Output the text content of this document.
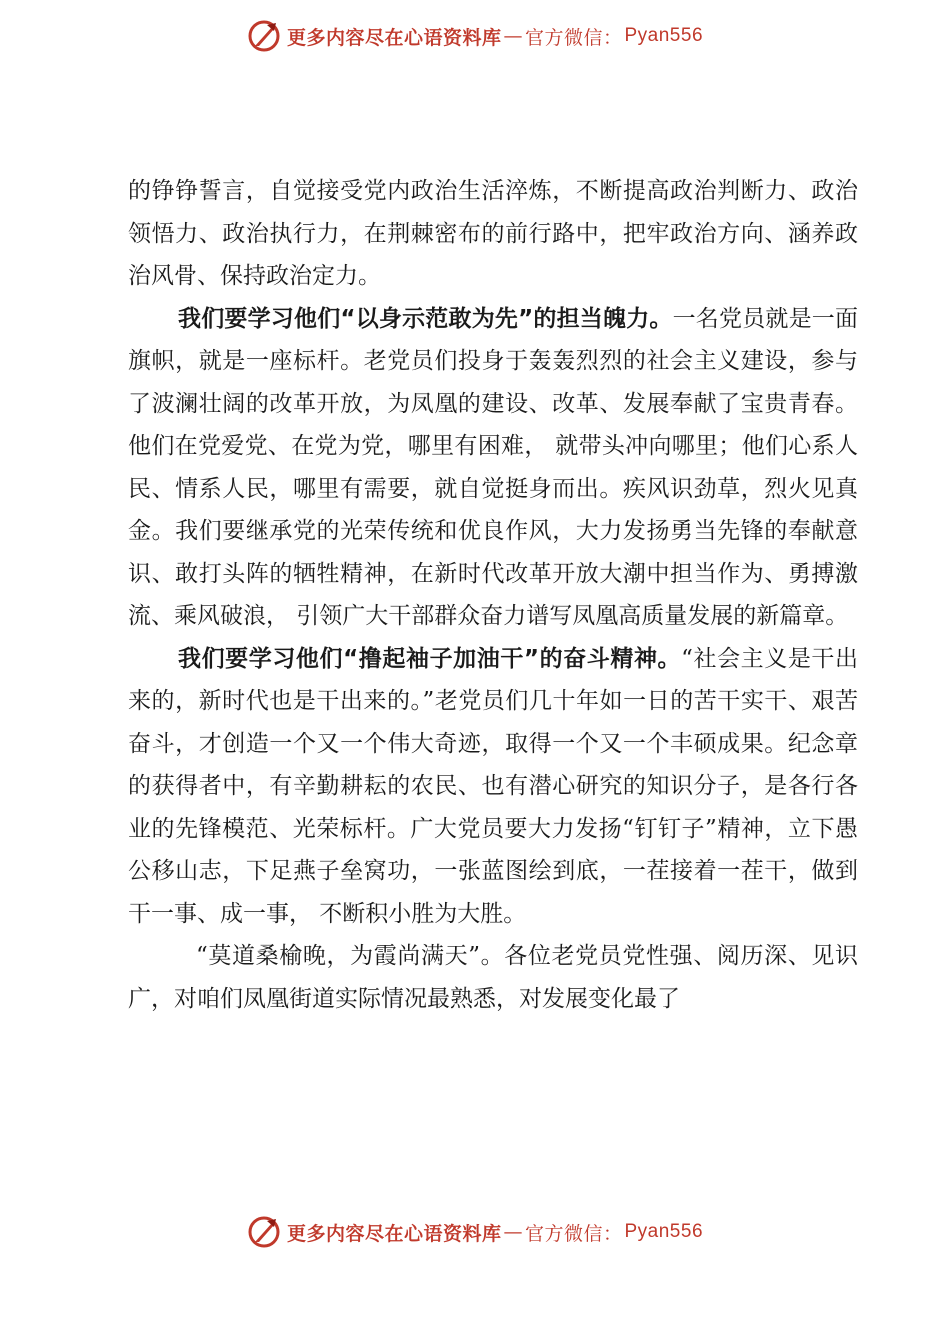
更多内容尽在心语资料库 — 官方微信： Pyan556

的铮铮誓言，自觉接受党内政治生活淬炼，不断提高政治判断力、政治领悟力、政治执行力，在荆棘密布的前行路中，把牢政治方向、涵养政治风骨、保持政治定力。

我们要学习他们“以身示范敢为先”的担当魄力。一名党员就是一面旗帜，就是一座标杆。老党员们投身于轰轰烈烈的社会主义建设，参与了波澜壮阔的改革开放，为凤凰的建设、改革、发展奉献了宝贵青春。他们在党爱党、在党为党，哪里有困难， 就带头冲向哪里；他们心系人民、情系人民，哪里有需要，就自觉挺身而出。疾风识劲草，烈火见真金。我们要继承党的光荣传统和优良作风，大力发扬勇当先锋的奉献意识、敢打头阵的牺牲精神，在新时代改革开放大潮中担当作为、勇搏激流、乘风破浪， 引领广大干部群众奋力谱写凤凰高质量发展的新篇章。

我们要学习他们“撸起袖子加油干”的奋斗精神。“社会主义是干出来的，新时代也是干出来的。”老党员们几十年如一日的苦干实干、艰苦奋斗，才创造一个又一个伟大奇迹，取得一个又一个丰硕成果。纪念章的获得者中，有辛勤耕耘的农民、也有潜心研究的知识分子，是各行各业的先锋模范、光荣标杆。广大党员要大力发扬“钉钉子”精神，立下愚公移山志，下足燕子垒窝功，一张蓝图绘到底，一茬接着一茬干，做到干一事、成一事， 不断积小胜为大胜。

“莫道桑榆晚，为霞尚满天”。各位老党员党性强、阅历深、见识广，对咱们凤凰街道实际情况最熟悉，对发展变化最了

更多内容尽在心语资料库 — 官方微信： Pyan556
